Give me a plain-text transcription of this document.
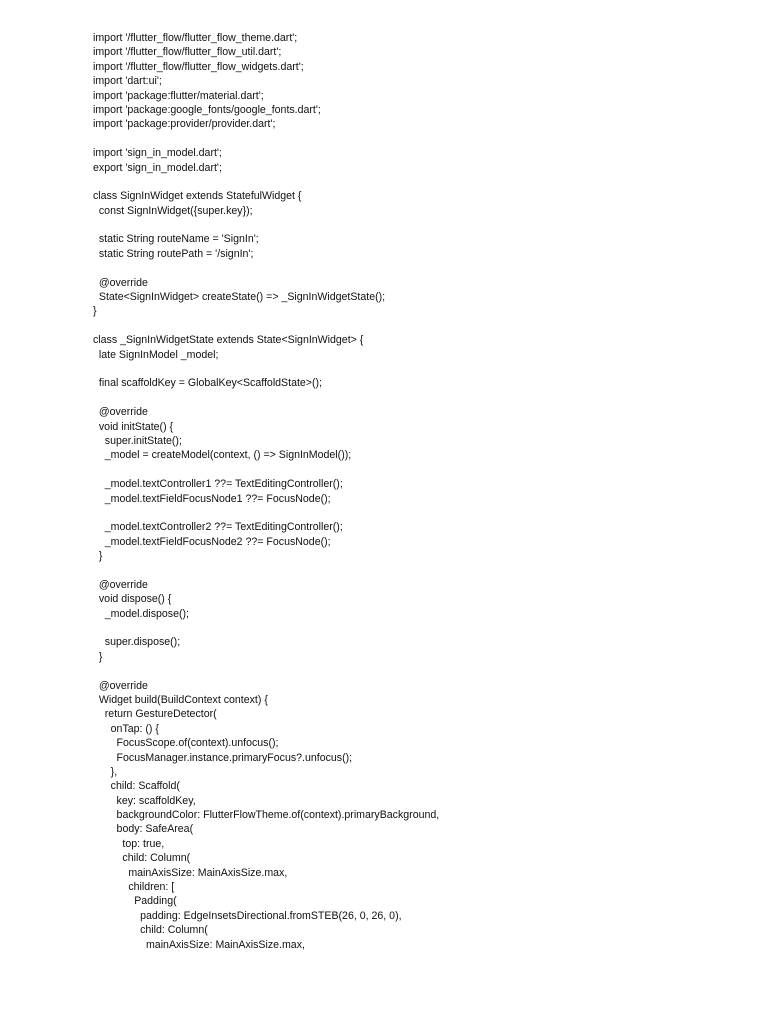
import '/flutter_flow/flutter_flow_theme.dart';
import '/flutter_flow/flutter_flow_util.dart';
import '/flutter_flow/flutter_flow_widgets.dart';
import 'dart:ui';
import 'package:flutter/material.dart';
import 'package:google_fonts/google_fonts.dart';
import 'package:provider/provider.dart';
import 'sign_in_model.dart';
export 'sign_in_model.dart';
class SignInWidget extends StatefulWidget {
const SignInWidget({super.key});
static String routeName = 'SignIn';
static String routePath = '/signIn';
@override
State<SignInWidget> createState() => _SignInWidgetState();
}
class _SignInWidgetState extends State<SignInWidget> {
late SignInModel _model;
final scaffoldKey = GlobalKey<ScaffoldState>();
@override
void initState() {
super.initState();
_model = createModel(context, () => SignInModel());
_model.textController1 ??= TextEditingController();
_model.textFieldFocusNode1 ??= FocusNode();
_model.textController2 ??= TextEditingController();
_model.textFieldFocusNode2 ??= FocusNode();
}
@override
void dispose() {
_model.dispose();
super.dispose();
}
@override
Widget build(BuildContext context) {
return GestureDetector(
onTap: () {
FocusScope.of(context).unfocus();
FocusManager.instance.primaryFocus?.unfocus();
},
child: Scaffold(
key: scaffoldKey,
backgroundColor: FlutterFlowTheme.of(context).primaryBackground,
body: SafeArea(
top: true,
child: Column(
mainAxisSize: MainAxisSize.max,
children: [
Padding(
padding: EdgeInsetsDirectional.fromSTEB(26, 0, 26, 0),
child: Column(
mainAxisSize: MainAxisSize.max,
